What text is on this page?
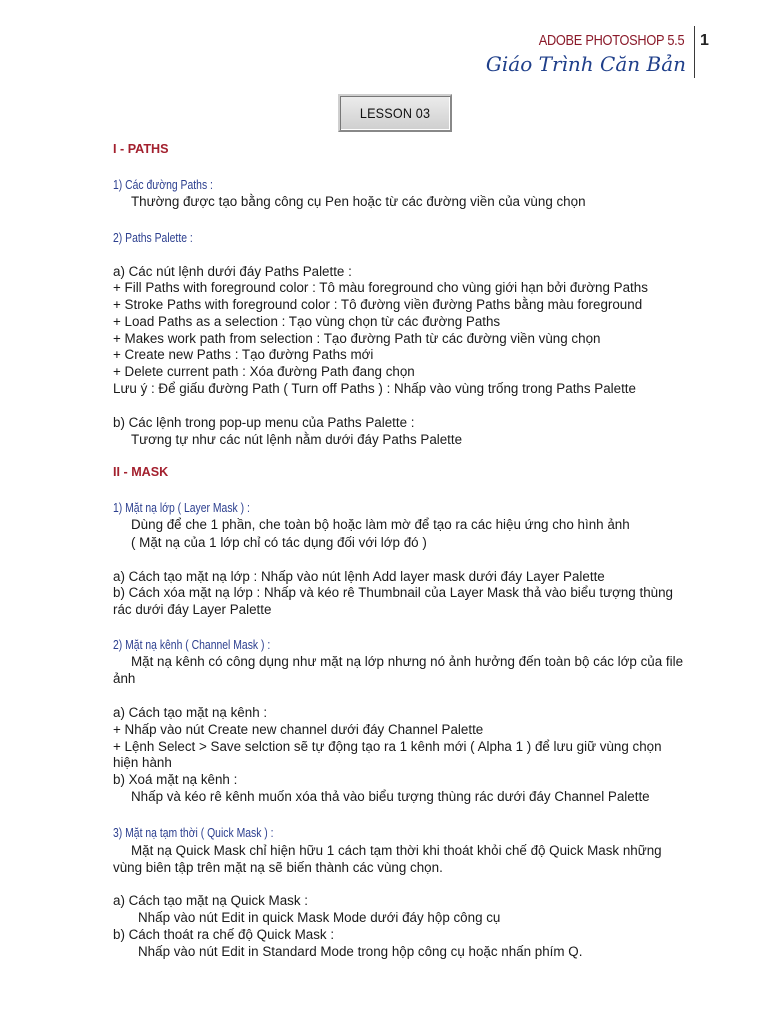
ADOBE PHOTOSHOP 5.5
Giáo Trình Căn Bản
1
LESSON 03
I - PATHS
1) Các đường Paths :
Thường được tạo bằng công cụ Pen hoặc từ các đường viền của vùng chọn
2) Paths Palette :
a) Các nút lệnh dưới đáy Paths Palette :
+ Fill Paths with foreground color : Tô màu foreground cho vùng giới hạn bởi đường Paths
+ Stroke Paths with foreground color : Tô đường viền đường Paths bằng màu foreground
+ Load Paths as a selection : Tạo vùng chọn từ các đường Paths
+ Makes work path from selection : Tạo đường Path từ các đường viền vùng chọn
+ Create new Paths : Tạo đường Paths mới
+ Delete current path : Xóa đường Path đang chọn
Lưu ý : Để giấu đường Path ( Turn off Paths ) : Nhấp vào vùng trống trong Paths Palette
b) Các lệnh trong pop-up menu của Paths Palette :
Tương tự như các nút lệnh nằm dưới đáy Paths Palette
II - MASK
1) Mặt nạ lớp ( Layer Mask ) :
Dùng để che 1 phần, che toàn bộ hoặc làm mờ để tạo ra các hiệu ứng cho hình ảnh
( Mặt nạ của 1 lớp chỉ có tác dụng đối với lớp đó )
a) Cách tạo mặt nạ lớp : Nhấp vào nút lệnh Add layer mask dưới đáy Layer Palette
b) Cách xóa mặt nạ lớp : Nhấp và kéo rê Thumbnail của Layer Mask thả vào biểu tượng thùng
rác dưới đáy Layer Palette
2) Mặt nạ kênh ( Channel Mask ) :
Mặt nạ kênh có công dụng như mặt nạ lớp nhưng nó ảnh hưởng đến toàn bộ các lớp của file
ảnh
a) Cách tạo mặt nạ kênh :
+ Nhấp vào nút Create new channel dưới đáy Channel Palette
+ Lệnh Select > Save selction sẽ tự động tạo ra 1 kênh mới ( Alpha 1 ) để lưu giữ vùng chọn
hiện hành
b) Xoá mặt nạ kênh :
Nhấp và kéo rê kênh muốn xóa thả vào biểu tượng thùng rác dưới đáy Channel Palette
3) Mặt nạ tạm thời ( Quick Mask ) :
Mặt nạ Quick Mask chỉ hiện hữu 1 cách tạm thời khi thoát khỏi chế độ Quick Mask những
vùng biên tập trên mặt nạ sẽ biến thành các vùng chọn.
a) Cách tạo mặt nạ Quick Mask :
Nhấp vào nút Edit in quick Mask Mode dưới đáy hộp công cụ
b) Cách thoát ra chế độ Quick Mask :
Nhấp vào nút Edit in Standard Mode trong hộp công cụ hoặc nhấn phím Q.
